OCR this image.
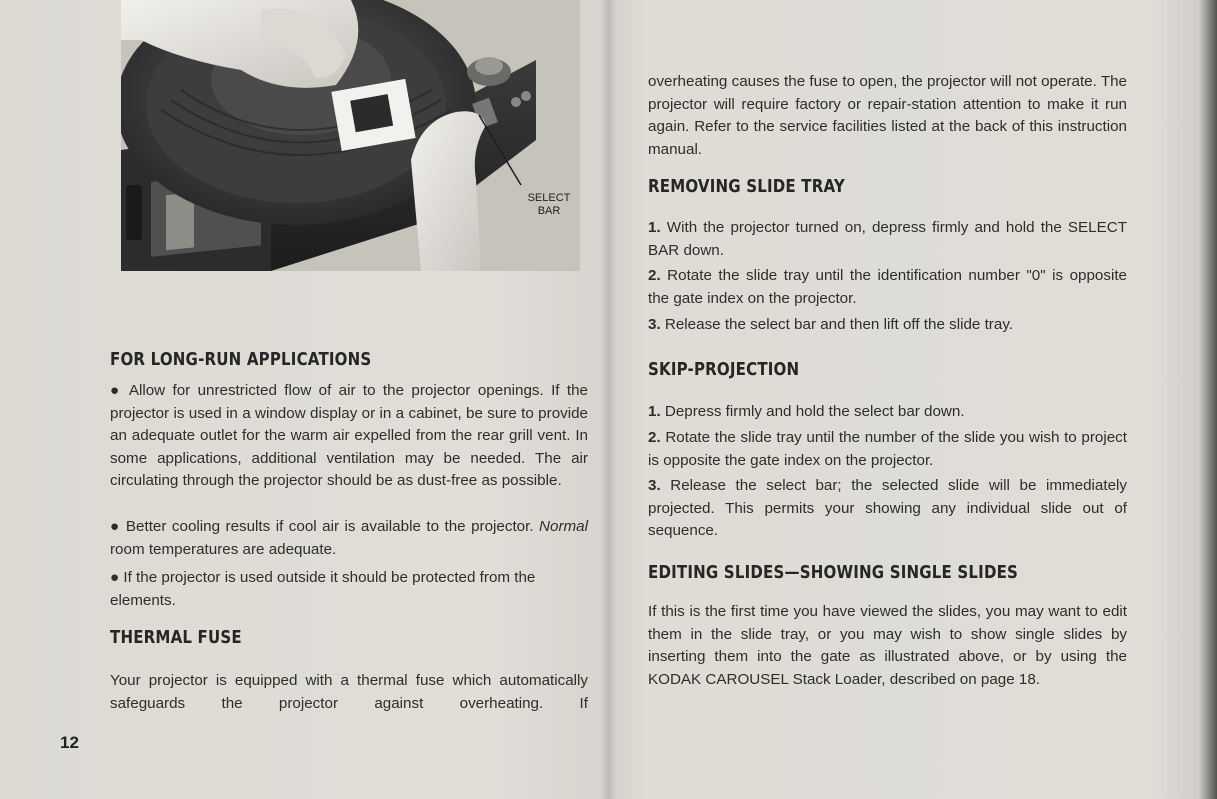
SELECT
BAR
FOR LONG-RUN APPLICATIONS

● Allow for unrestricted flow of air to the projector openings. If the projector is used in a window display or in a cabinet, be sure to provide an adequate outlet for the warm air expelled from the rear grill vent. In some applications, additional ventilation may be needed. The air circulating through the projector should be as dust-free as possible.

● Better cooling results if cool air is available to the projector. Normal room temperatures are adequate.

● If the projector is used outside it should be protected from the elements.

THERMAL FUSE

Your projector is equipped with a thermal fuse which automatically safeguards the projector against overheating. If

12

overheating causes the fuse to open, the projector will not operate. The projector will require factory or repair-station attention to make it run again. Refer to the service facilities listed at the back of this instruction manual.

REMOVING SLIDE TRAY

1. With the projector turned on, depress firmly and hold the SELECT BAR down.

2. Rotate the slide tray until the identification number "0" is opposite the gate index on the projector.

3. Release the select bar and then lift off the slide tray.

SKIP-PROJECTION

1. Depress firmly and hold the select bar down.

2. Rotate the slide tray until the number of the slide you wish to project is opposite the gate index on the projector.

3. Release the select bar; the selected slide will be immediately projected. This permits your showing any individual slide out of sequence.

EDITING SLIDES—SHOWING SINGLE SLIDES

If this is the first time you have viewed the slides, you may want to edit them in the slide tray, or you may wish to show single slides by inserting them into the gate as illustrated above, or by using the KODAK CAROUSEL Stack Loader, described on page 18.
